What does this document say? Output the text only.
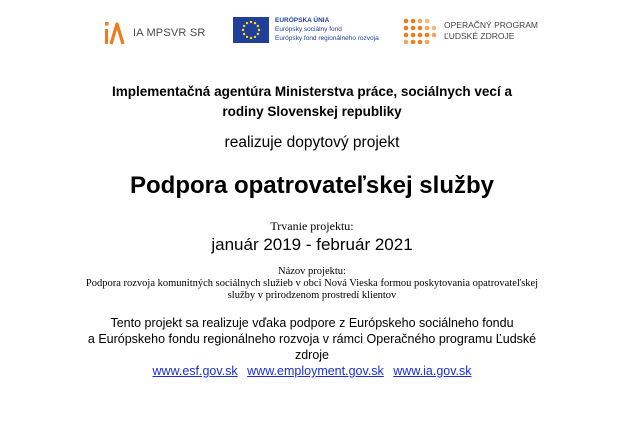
IA MPSVR SR
EURÓPSKA ÚNIA
Európsky sociálny fond
Európsky fond regionálneho rozvoja
OPERAČNÝ PROGRAM
ĽUDSKÉ ZDROJE
Implementačná agentúra Ministerstva práce, sociálnych vecí a
rodiny Slovenskej republiky
realizuje dopytový projekt
Podpora opatrovateľskej služby
Trvanie projektu:
január 2019 - február 2021
Názov projektu:
Podpora rozvoja komunitných sociálnych služieb v obci Nová Vieska formou poskytovania opatrovateľskej
služby v prirodzenom prostredí klientov
Tento projekt sa realizuje vďaka podpore z Európskeho sociálneho fondu
a Európskeho fondu regionálneho rozvoja v rámci Operačného programu Ľudské
zdroje
www.esf.gov.sk www.employment.gov.sk www.ia.gov.sk
